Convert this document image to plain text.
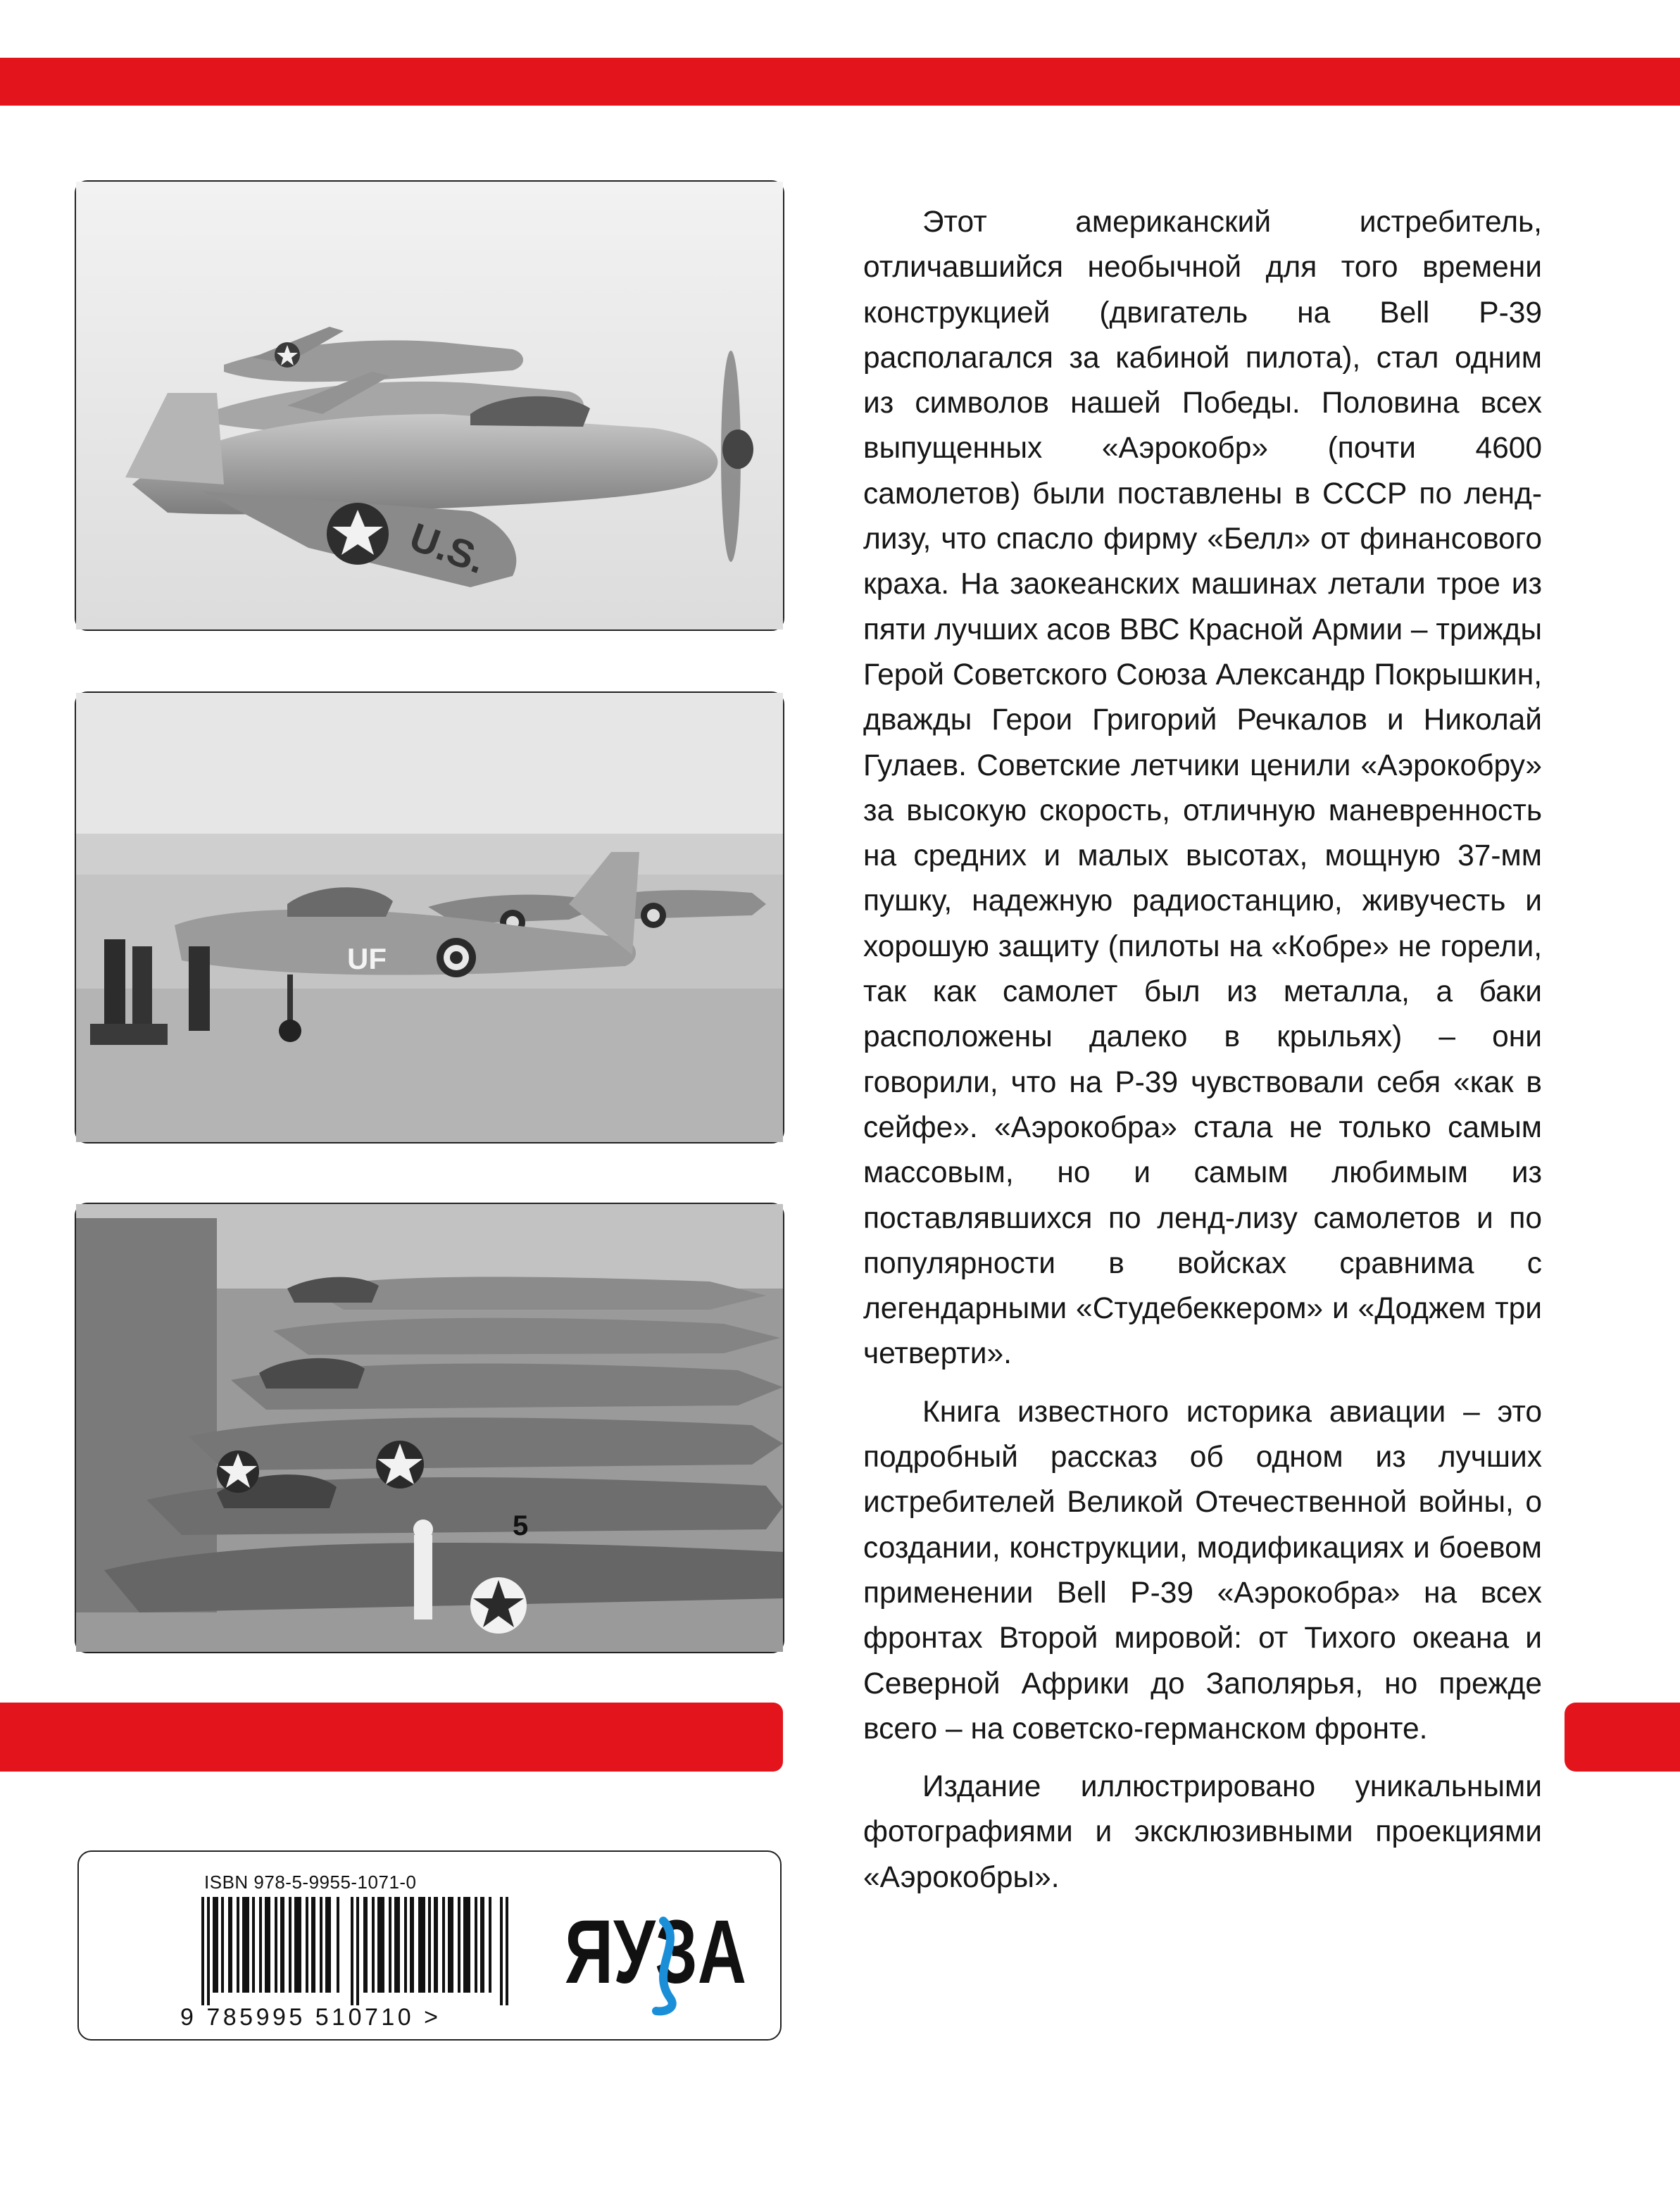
U.S.
UF
5

Этот американский истребитель, отличавшийся необычной для того времени конструкцией (двигатель на Bell P-39 располагался за кабиной пилота), стал одним из символов нашей Победы. Половина всех выпущенных «Аэрокобр» (почти 4600 самолетов) были поставлены в СССР по ленд-лизу, что спасло фирму «Белл» от финансового краха. На заокеанских машинах летали трое из пяти лучших асов ВВС Красной Армии – трижды Герой Советского Союза Александр Покрышкин, дважды Герои Григорий Речкалов и Николай Гулаев. Советские летчики ценили «Аэрокобру» за высокую скорость, отличную маневренность на средних и малых высотах, мощную 37-мм пушку, надежную радиостанцию, живучесть и хорошую защиту (пилоты на «Кобре» не горели, так как самолет был из металла, а баки расположены далеко в крыльях) – они говорили, что на P-39 чувствовали себя «как в сейфе». «Аэрокобра» стала не только самым массовым, но и самым любимым из поставлявшихся по ленд-лизу самолетов и по популярности в войсках сравнима с легендарными «Студебеккером» и «Доджем три четверти».

Книга известного историка авиации – это подробный рассказ об одном из лучших истребителей Великой Отечественной войны, о создании, конструкции, модификациях и боевом применении Bell P-39 «Аэрокобра» на всех фронтах Второй мировой: от Тихого океана и Северной Африки до Заполярья, но прежде всего – на советско-германском фронте.

Издание иллюстрировано уникальными фотографиями и эксклюзивными проекциями «Аэрокобры».

ISBN 978-5-9955-1071-0
9 785995 510710 >
ЯУЗА
